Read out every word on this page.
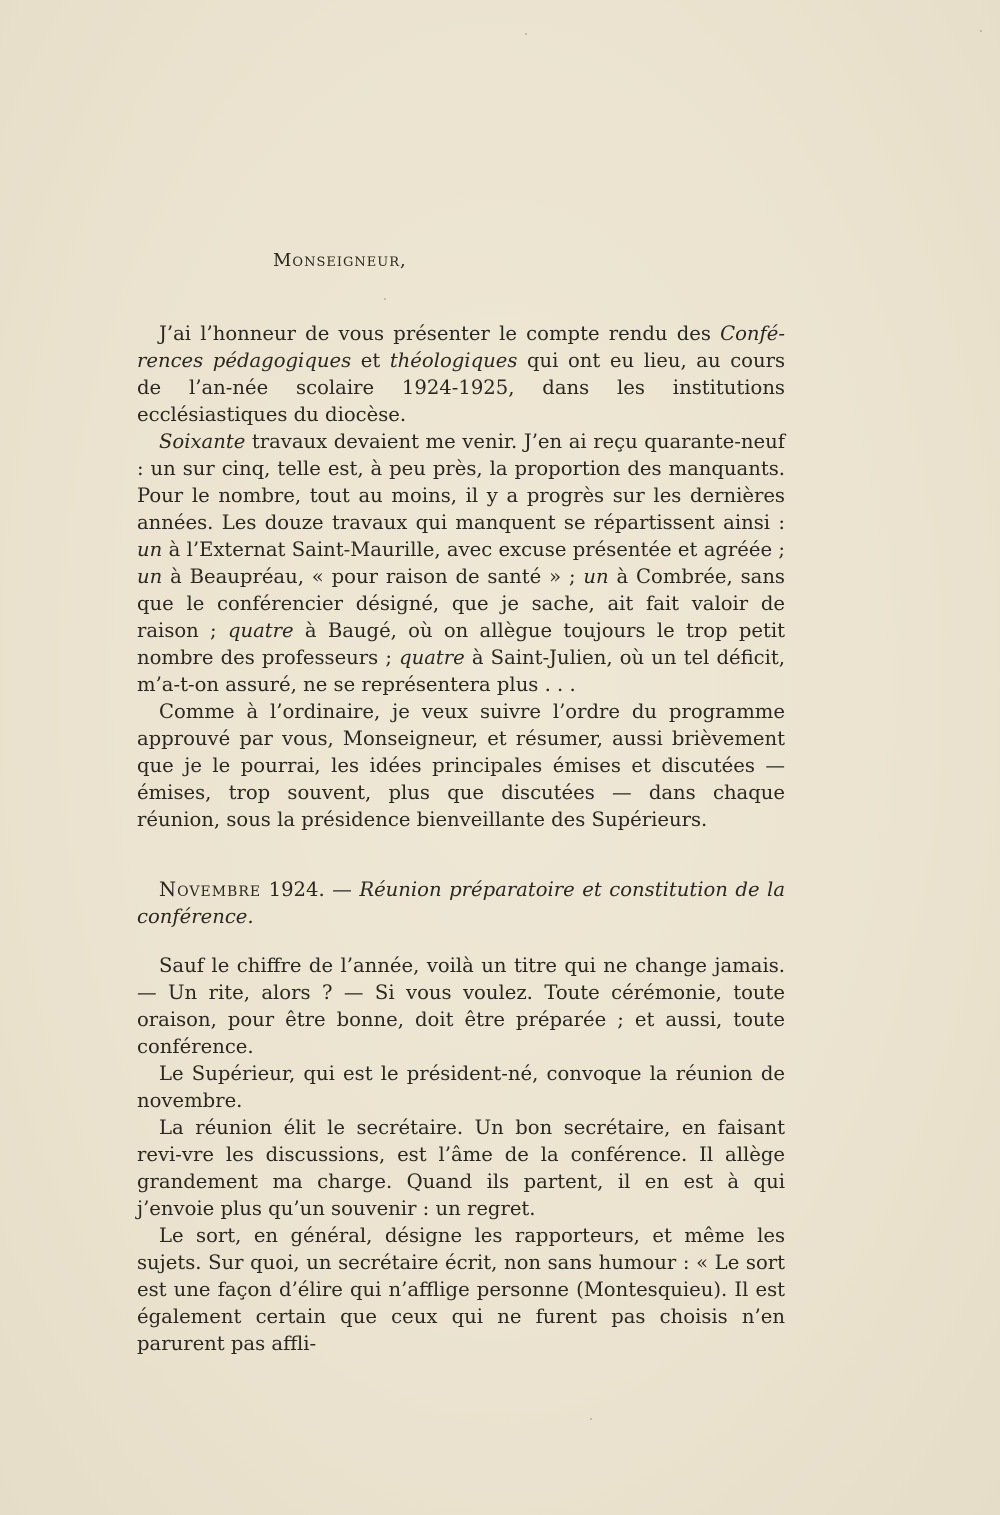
Monseigneur,

J’ai l’honneur de vous présenter le compte rendu des Confé-rences pédagogiques et théologiques qui ont eu lieu, au cours de l’an-née scolaire 1924-1925, dans les institutions ecclésiastiques du diocèse.

Soixante travaux devaient me venir. J’en ai reçu quarante-neuf : un sur cinq, telle est, à peu près, la proportion des manquants. Pour le nombre, tout au moins, il y a progrès sur les dernières années. Les douze travaux qui manquent se répartissent ainsi : un à l’Externat Saint-Maurille, avec excuse présentée et agréée ; un à Beaupréau, « pour raison de santé » ; un à Combrée, sans que le conférencier désigné, que je sache, ait fait valoir de raison ; quatre à Baugé, où on allègue toujours le trop petit nombre des professeurs ; quatre à Saint-Julien, où un tel déficit, m’a-t-on assuré, ne se représentera plus . . .

Comme à l’ordinaire, je veux suivre l’ordre du programme approuvé par vous, Monseigneur, et résumer, aussi brièvement que je le pourrai, les idées principales émises et discutées — émises, trop souvent, plus que discutées — dans chaque réunion, sous la présidence bienveillante des Supérieurs.

Novembre 1924. — Réunion préparatoire et constitution de la conférence.

Sauf le chiffre de l’année, voilà un titre qui ne change jamais. — Un rite, alors ? — Si vous voulez. Toute cérémonie, toute oraison, pour être bonne, doit être préparée ; et aussi, toute conférence.

Le Supérieur, qui est le président-né, convoque la réunion de novembre.

La réunion élit le secrétaire. Un bon secrétaire, en faisant revi-vre les discussions, est l’âme de la conférence. Il allège grandement ma charge. Quand ils partent, il en est à qui j’envoie plus qu’un souvenir : un regret.

Le sort, en général, désigne les rapporteurs, et même les sujets. Sur quoi, un secrétaire écrit, non sans humour : « Le sort est une façon d’élire qui n’afflige personne (Montesquieu). Il est également certain que ceux qui ne furent pas choisis n’en parurent pas affli-
